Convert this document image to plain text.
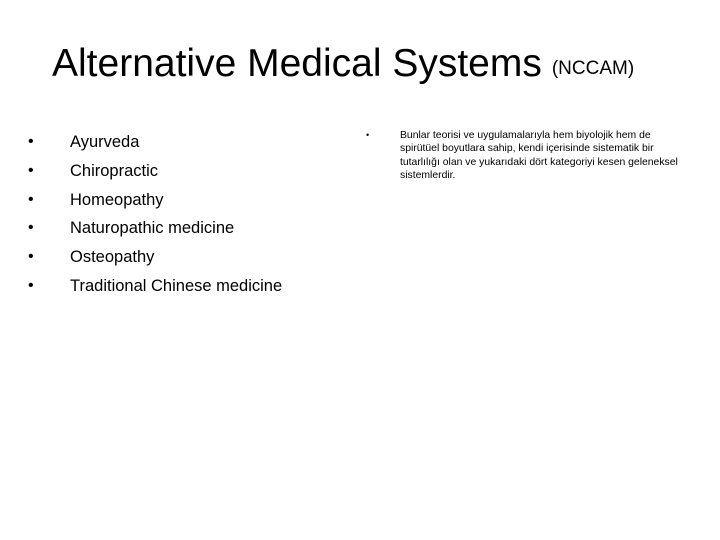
Alternative Medical Systems (NCCAM)
• Ayurveda
• Chiropractic
• Homeopathy
• Naturopathic medicine
• Osteopathy
• Traditional Chinese medicine
•	Bunlar teorisi ve uygulamalarıyla hem biyolojik hem de spirütüel boyutlara sahip, kendi içerisinde sistematik bir tutarlılığı olan ve yukarıdaki dört kategoriyi kesen geleneksel sistemlerdir.
